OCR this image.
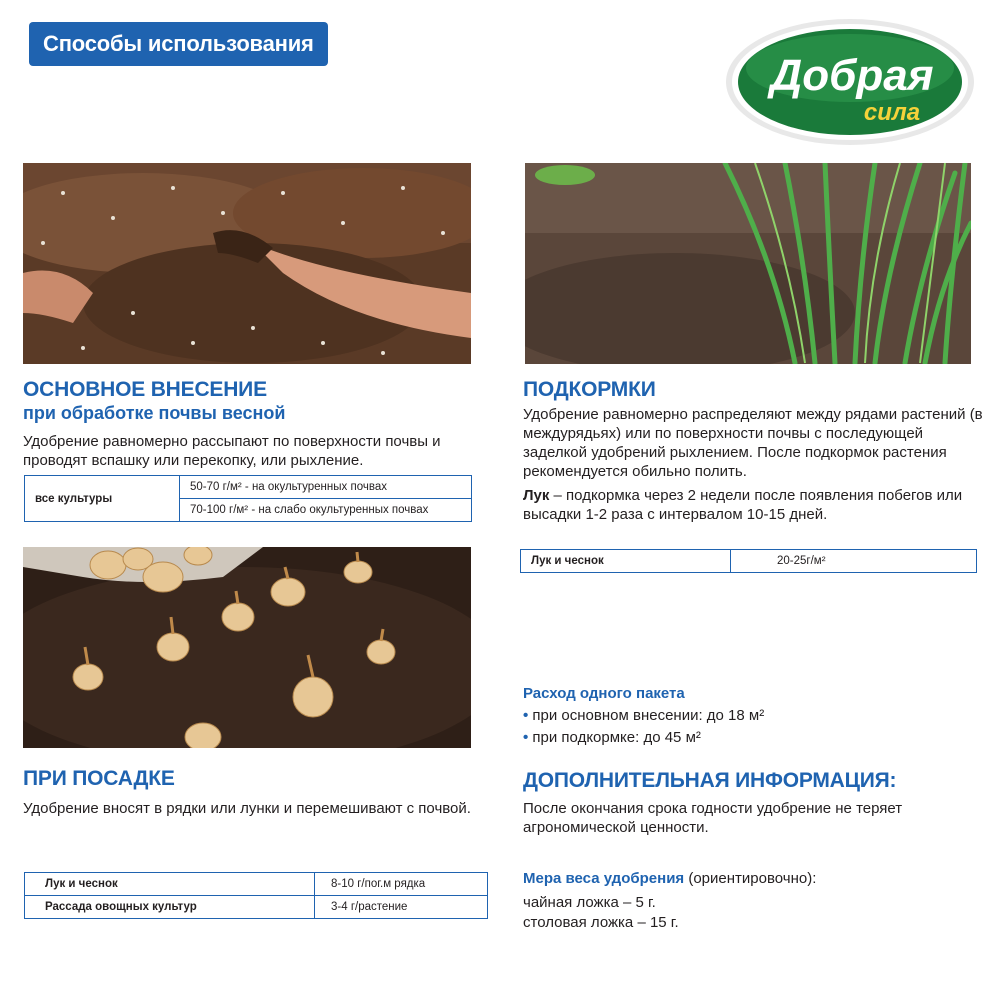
Способы использования
Добрая
сила
ОСНОВНОЕ ВНЕСЕНИЕ
при обработке почвы весной
Удобрение равномерно рассыпают по поверхности почвы и проводят вспашку или перекопку, или рыхление.
все культуры	50-70 г/м² - на окультуренных почвах
70-100 г/м² - на слабо окультуренных почвах
ПОДКОРМКИ
Удобрение равномерно распределяют между рядами растений (в междурядьях) или по поверхности почвы с последующей заделкой удобрений рыхлением. После подкормок растения рекомендуется обильно полить.
Лук – подкормка через 2 недели после появления побегов или высадки 1-2 раза с интервалом 10-15 дней.
Лук и чеснок	20-25г/м²
ПРИ ПОСАДКЕ
Удобрение вносят в рядки или лунки и перемешивают с почвой.
Лук и чеснок	8-10 г/пог.м рядка
Рассада овощных культур	3-4 г/растение
Расход одного пакета
• при основном внесении: до 18 м²
• при подкормке: до 45 м²
ДОПОЛНИТЕЛЬНАЯ ИНФОРМАЦИЯ:
После окончания срока годности удобрение не теряет агрономической ценности.
Мера веса удобрения (ориентировочно):
чайная ложка – 5 г.
столовая ложка – 15 г.
